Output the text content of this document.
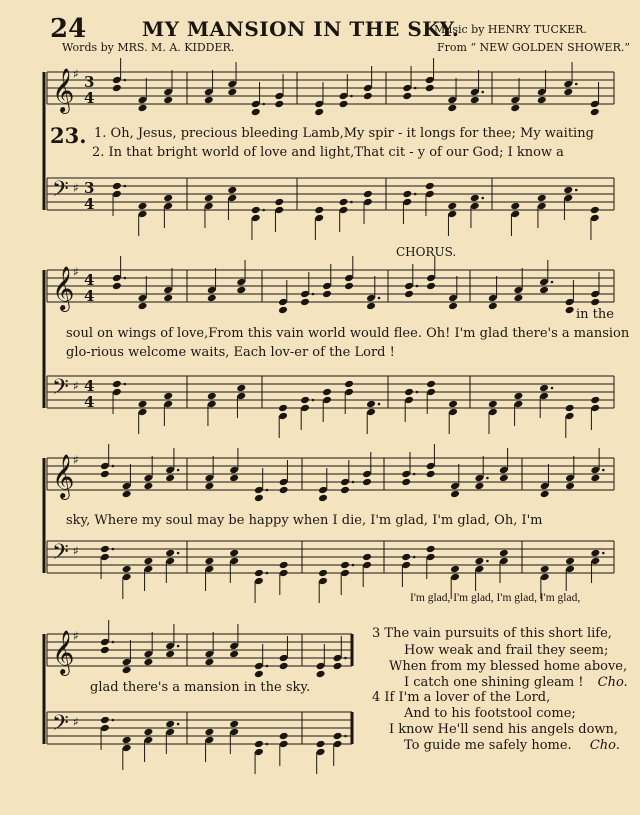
𝄞
♯ 3
4
𝄢 ♯ 3
4
𝄞
♯ 4
4
𝄢 ♯ 4
4
𝄞
♯
𝄢 ♯
𝄞
♯
𝄢 ♯
24	MY MANSION IN THE SKY.
Music by HENRY TUCKER.
Words by MRS. M. A. KIDDER.	From “ NEW GOLDEN SHOWER.”
23. 1. Oh, Jesus, precious bleeding Lamb,My spir - it longs for thee; My waiting
2. In that bright world of love and light,That cit - y of our God; I know a
CHORUS.
soul on wings of love,From this vain world would flee. Oh! I'm glad there's a mansion
in the
glo-rious welcome waits, Each lov-er of the Lord !
sky, Where my soul may be happy when I die, I'm glad, I'm glad, Oh, I'm
I'm glad, I'm glad, I'm glad, I'm glad,
glad there's a mansion in the sky.
3 The vain pursuits of this short life,
How weak and frail they seem;
When from my blessed home above,
I catch one shining gleam ! Cho.
4 If I'm a lover of the Lord,
And to his footstool come;
I know He'll send his angels down,
To guide me safely home. Cho.
